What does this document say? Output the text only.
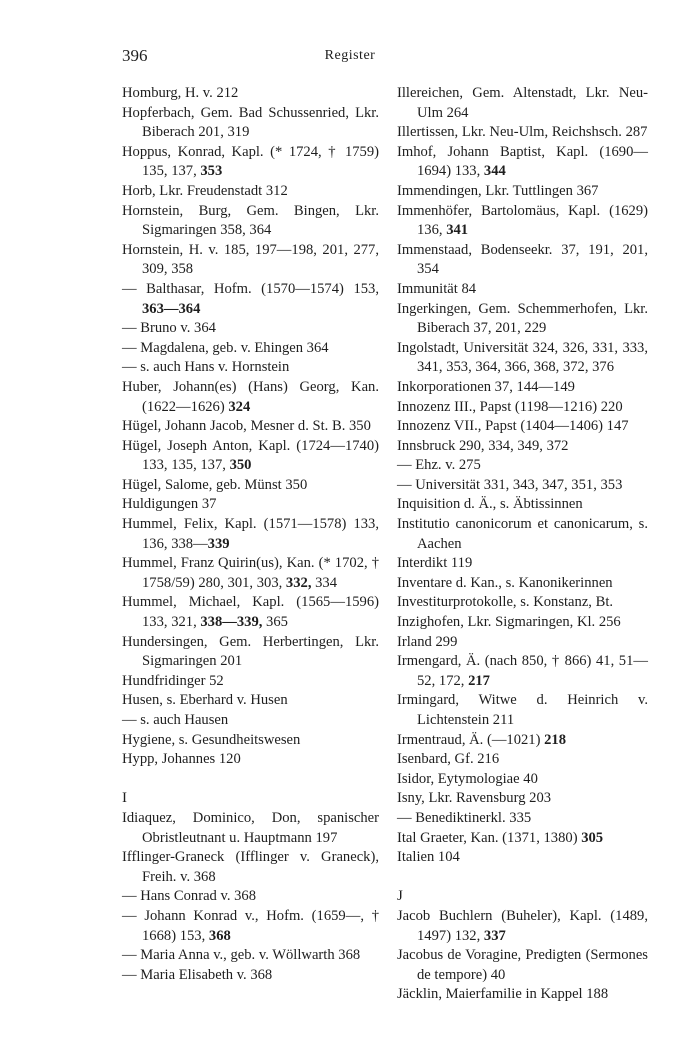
396	Register
Homburg, H. v. 212
Hopferbach, Gem. Bad Schussenried, Lkr. Biberach 201, 319
Hoppus, Konrad, Kapl. (* 1724, † 1759) 135, 137, 353
Horb, Lkr. Freudenstadt 312
Hornstein, Burg, Gem. Bingen, Lkr. Sigmaringen 358, 364
Hornstein, H. v. 185, 197—198, 201, 277, 309, 358
— Balthasar, Hofm. (1570—1574) 153, 363—364
— Bruno v. 364
— Magdalena, geb. v. Ehingen 364
— s. auch Hans v. Hornstein
Huber, Johann(es) (Hans) Georg, Kan. (1622—1626) 324
Hügel, Johann Jacob, Mesner d. St. B. 350
Hügel, Joseph Anton, Kapl. (1724—1740) 133, 135, 137, 350
Hügel, Salome, geb. Münst 350
Huldigungen 37
Hummel, Felix, Kapl. (1571—1578) 133, 136, 338—339
Hummel, Franz Quirin(us), Kan. (* 1702, † 1758/59) 280, 301, 303, 332, 334
Hummel, Michael, Kapl. (1565—1596) 133, 321, 338—339, 365
Hundersingen, Gem. Herbertingen, Lkr. Sigmaringen 201
Hundfridinger 52
Husen, s. Eberhard v. Husen
— s. auch Hausen
Hygiene, s. Gesundheitswesen
Hypp, Johannes 120
I
Idiaquez, Dominico, Don, spanischer Obristleutnant u. Hauptmann 197
Ifflinger-Graneck (Ifflinger v. Graneck), Freih. v. 368
— Hans Conrad v. 368
— Johann Konrad v., Hofm. (1659—, † 1668) 153, 368
— Maria Anna v., geb. v. Wöllwarth 368
— Maria Elisabeth v. 368
Illereichen, Gem. Altenstadt, Lkr. Neu-Ulm 264
Illertissen, Lkr. Neu-Ulm, Reichshsch. 287
Imhof, Johann Baptist, Kapl. (1690—1694) 133, 344
Immendingen, Lkr. Tuttlingen 367
Immenhöfer, Bartolomäus, Kapl. (1629) 136, 341
Immenstaad, Bodenseekr. 37, 191, 201, 354
Immunität 84
Ingerkingen, Gem. Schemmerhofen, Lkr. Biberach 37, 201, 229
Ingolstadt, Universität 324, 326, 331, 333, 341, 353, 364, 366, 368, 372, 376
Inkorporationen 37, 144—149
Innozenz III., Papst (1198—1216) 220
Innozenz VII., Papst (1404—1406) 147
Innsbruck 290, 334, 349, 372
— Ehz. v. 275
— Universität 331, 343, 347, 351, 353
Inquisition d. Ä., s. Äbtissinnen
Institutio canonicorum et canonicarum, s. Aachen
Interdikt 119
Inventare d. Kan., s. Kanonikerinnen
Investiturprotokolle, s. Konstanz, Bt.
Inzighofen, Lkr. Sigmaringen, Kl. 256
Irland 299
Irmengard, Ä. (nach 850, † 866) 41, 51—52, 172, 217
Irmingard, Witwe d. Heinrich v. Lichtenstein 211
Irmentraud, Ä. (—1021) 218
Isenbard, Gf. 216
Isidor, Eytymologiae 40
Isny, Lkr. Ravensburg 203
— Benediktinerkl. 335
Ital Graeter, Kan. (1371, 1380) 305
Italien 104
J
Jacob Buchlern (Buheler), Kapl. (1489, 1497) 132, 337
Jacobus de Voragine, Predigten (Sermones de tempore) 40
Jäcklin, Maierfamilie in Kappel 188
